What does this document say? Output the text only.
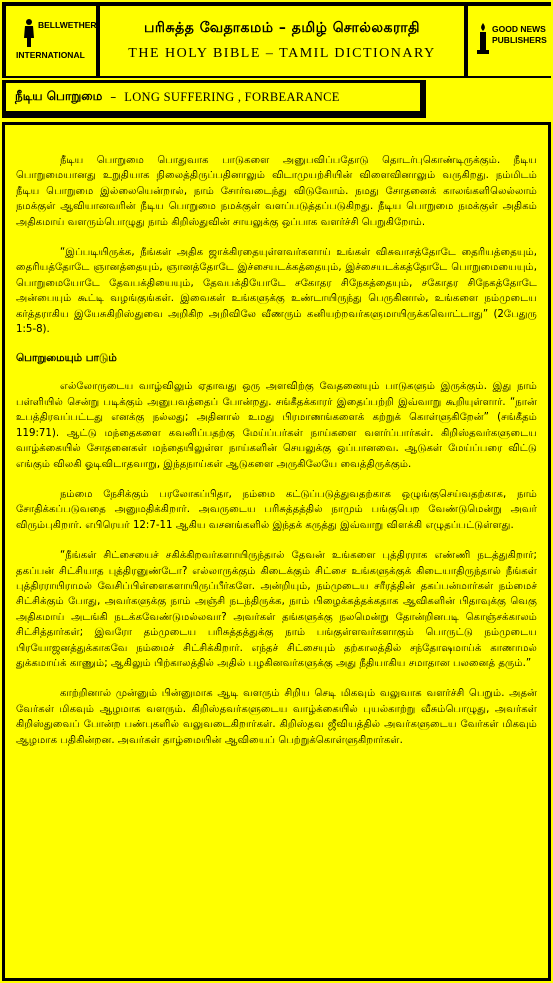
BELLWETHER
INTERNATIONAL
பரிசுத்த வேதாகமம் – தமிழ் சொல்லகராதி
THE HOLY BIBLE – TAMIL DICTIONARY
GOOD NEWS
PUBLISHERS
நீடிய பொறுமை – LONG SUFFERING , FORBEARANCE

நீடிய பொறுமை பொதுவாக பாடுகளை அனுபவிப்பதோடு தொடர்புகொண்டிருக்கும். நீடிய பொறுமையானது உறுதியாக நிலைத்திருப்பதினாலும் விடாமுயற்சியின் விளைவினாலும் வருகிறது. நம்மிடம் நீடிய பொறுமை இல்லையென்றால், நாம் சோர்வடைந்து விடுவோம். நமது சோதனைக் காலங்களிலெல்லாம் நமக்குள் ஆவியானவரின் நீடிய பொறுமை நமக்குள் வளப்படுத்தப்படுகிறது. நீடிய பொறுமை நமக்குள் அதிகம் அதிகமாய் வளரும்பொழுது நாம் கிறிஸ்துவின் சாயலுக்கு ஒப்பாக வளர்ச்சி பெறுகிறோம்.

“இப்படியிருக்க, நீங்கள் அதிக ஜாக்கிரதையுள்ளவர்களாய் உங்கள் விசுவாசத்தோடே தைரியத்தையும், தைரியத்தோடே ஞானத்தையும், ஞானத்தோடே இச்சையடக்கத்தையும், இச்சையடக்கத்தோடே பொறுமையையும், பொறுமையோடே தேவபக்தியையும், தேவபக்தியோடே சகோதர சிநேகத்தையும், சகோதர சிநேகத்தோடே அன்பையும் கூட்டி வழங்குங்கள். இவைகள் உங்களுக்கு உண்டாயிருந்து பெருகினால், உங்களை நம்முடைய கர்த்தராகிய இயேசுகிறிஸ்துவை அறிகிற அறிவிலே வீணரும் கனியற்றவர்களுமாயிருக்கவொட்டாது” (2பேதுரு 1:5-8).

பொறுமையும் பாடும்

எல்லோருடைய வாழ்விலும் ஏதாவது ஒரு அளவிற்கு வேதனையும் பாடுகளும் இருக்கும். இது நாம் பள்ளியில் சென்று படிக்கும் அனுபவத்தைப் போன்றது. சங்கீதக்காரர் இதைப்பற்றி இவ்வாறு கூறியுள்ளார். “நான் உபத்திரவப்பட்டது எனக்கு நல்லது; அதினால் உமது பிரமாணங்களைக் கற்றுக் கொள்ளுகிறேன்” (சங்கீதம் 119:71). ஆட்டு மந்தைகளை கவனிப்பதற்கு மேய்ப்பர்கள் நாய்களை வளர்ப்பார்கள். கிறிஸ்தவர்களுடைய வாழ்க்கையில் சோதனைகள் மந்தையிலுள்ள நாய்களின் செயலுக்கு ஒப்பானவை. ஆடுகள் மேய்ப்பரை விட்டு எங்கும் விலகி ஓடிவிடாதவாறு, இந்தநாய்கள் ஆடுகளை அருகிலேயே வைத்திருக்கும்.

நம்மை நேசிக்கும் பரலோகப்பிதா, நம்மை கட்டுப்படுத்துவதற்காக ஒழுங்குசெய்வதற்காக, நாம் சோதிக்கப்படுவதை அனுமதிக்கிறார். அவருடைய பரிசுத்தத்தில் நாமும் பங்குபெற வேண்டுமென்று அவர் விரும்புகிறார். எபிரெயர் 12:7-11 ஆகிய வசனங்களில் இந்தக் கருத்து இவ்வாறு விளக்கி எழுதப்பட்டுள்ளது.

“நீங்கள் சிட்சையைச் சகிக்கிறவர்களாயிருந்தால் தேவன் உங்களை புத்திரராக எண்ணி நடத்துகிறார்; தகப்பன் சிட்சியாத புத்திரனுண்டோ? எல்லாருக்கும் கிடைக்கும் சிட்சை உங்களுக்குக் கிடையாதிருந்தால் நீங்கள் புத்திரராயிராமல் வேசிப்பிள்ளைகளாயிருப்பீர்களே. அன்றியும், நம்முடைய சரீரத்தின் தகப்பன்மார்கள் நம்மைச் சிட்சிக்கும் போது, அவர்களுக்கு நாம் அஞ்சி நடந்திருக்க, நாம் பிழைக்கத்தக்கதாக ஆவிகளின் பிதாவுக்கு வெகு அதிகமாய் அடங்கி நடக்கவேண்டுமல்லவா? அவர்கள் தங்களுக்கு நலமென்று தோன்றினபடி கொஞ்சக்காலம் சிட்சித்தார்கள்; இவரோ தம்முடைய பரிசுத்தத்துக்கு நாம் பங்குள்ளவர்களாகும் பொருட்டு நம்முடைய பிரயோஜனத்துக்காகவே நம்மைச் சிட்சிக்கிறார். எந்தச் சிட்சையும் தற்காலத்தில் சந்தோஷமாய்க் காணாமல் துக்கமாய்க் காணும்; ஆகிலும் பிற்காலத்தில் அதில் பழகினவர்களுக்கு அது நீதியாகிய சமாதான பலனைத் தரும்.”

காற்றினால் முன்னும் பின்னுமாக ஆடி வளரும் சிறிய செடி மிகவும் வலுவாக வளர்ச்சி பெறும். அதன் வேர்கள் மிகவும் ஆழமாக வளரும். கிறிஸ்தவர்களுடைய வாழ்க்கையில் புயல்காற்று வீசும்பொழுது, அவர்கள் கிறிஸ்துவைப் போன்ற பண்புகளில் வலுவடைகிறார்கள். கிறிஸ்தவ ஜீவியத்தில் அவர்களுடைய வேர்கள் மிகவும் ஆழமாக பதிகின்றன. அவர்கள் தாழ்மையின் ஆவியைப் பெற்றுக்கொள்ளுகிறார்கள்.
